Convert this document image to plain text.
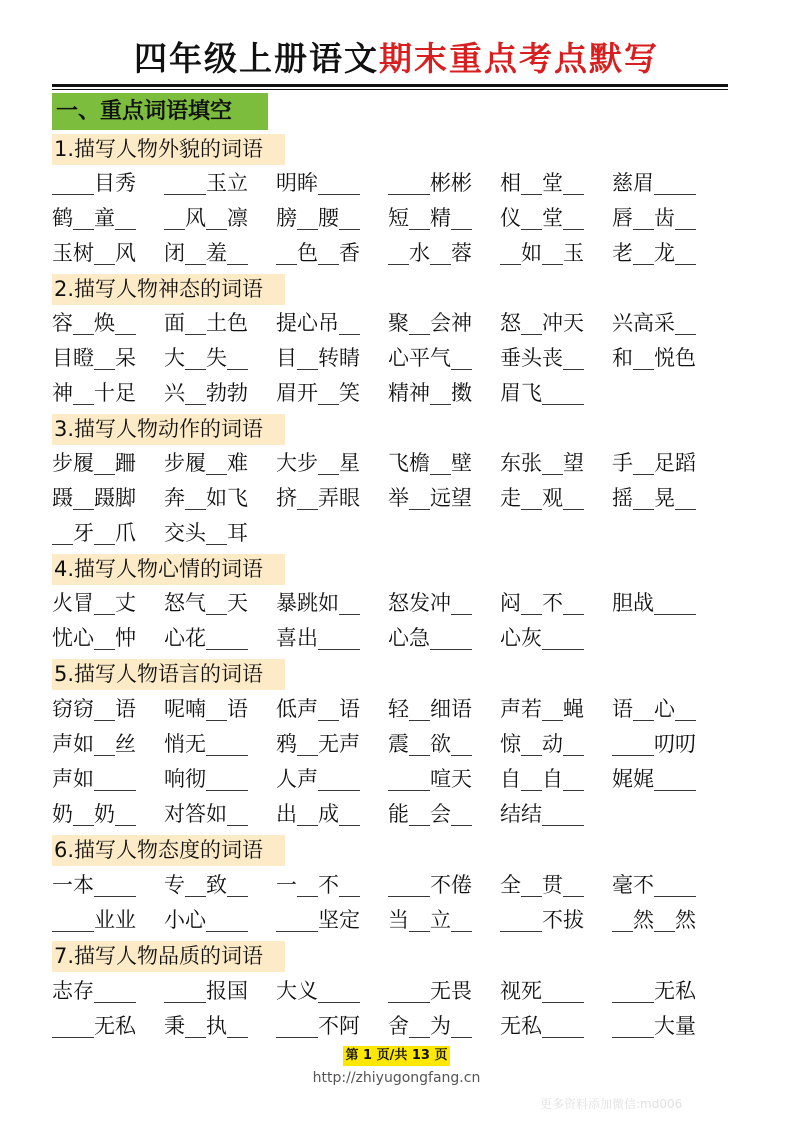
四年级上册语文期末重点考点默写
一、重点词语填空
1.描写人物外貌的词语
____目秀 ____玉立 明眸____ ____彬彬 相__堂__ 慈眉____
鹤__童__ __风__凛 膀__腰__ 短__精__ 仪__堂__ 唇__齿__
玉树__风 闭__羞__ __色__香 __水__蓉 __如__玉 老__龙__
2.描写人物神态的词语
容__焕__ 面__土色 提心吊__ 聚__会神 怒__冲天 兴高采__
目瞪__呆 大__失__ 目__转睛 心平气__ 垂头丧__ 和__悦色
神__十足 兴__勃勃 眉开__笑 精神__擞 眉飞____
3.描写人物动作的词语
步履__跚 步履__难 大步__星 飞檐__壁 东张__望 手__足蹈
蹑__蹑脚 奔__如飞 挤__弄眼 举__远望 走__观__ 摇__晃__
__牙__爪 交头__耳
4.描写人物心情的词语
火冒__丈 怒气__天 暴跳如__ 怒发冲__ 闷__不__ 胆战____
忧心__忡 心花____ 喜出____ 心急____ 心灰____
5.描写人物语言的词语
窃窃__语 呢喃__语 低声__语 轻__细语 声若__蝇 语__心__
声如__丝 悄无____ 鸦__无声 震__欲__ 惊__动__ ____叨叨
声如____ 响彻____ 人声____ ____喧天 自__自__ 娓娓____
奶__奶__ 对答如__ 出__成__ 能__会__ 结结____
6.描写人物态度的词语
一本____ 专__致__ 一__不__ ____不倦 全__贯__ 毫不____
____业业 小心____ ____坚定 当__立__ ____不拔 __然__然
7.描写人物品质的词语
志存____ ____报国 大义____ ____无畏 视死____ ____无私
____无私 秉__执__ ____不阿 舍__为__ 无私____ ____大量
第 1 页/共 13 页
http://zhiyugongfang.cn
更多资料添加微信:md006
